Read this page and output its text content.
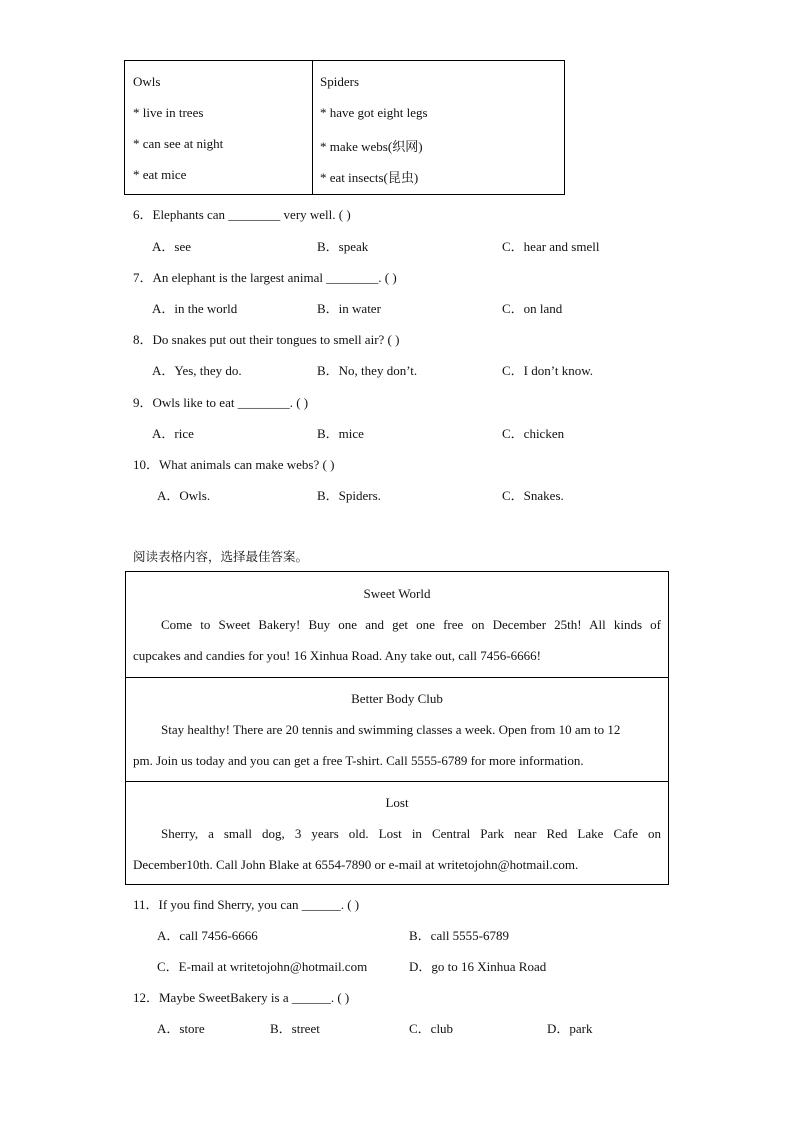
Owls
* live in trees
* can see at night
* eat mice
Spiders
* have got eight legs
* make webs(织网)
* eat insects(昆虫)
6．Elephants can ________ very well. ( )
A．see	B．speak	C．hear and smell
7．An elephant is the largest animal ________. ( )
A．in the world	B．in water	C．on land
8．Do snakes put out their tongues to smell air? ( )
A．Yes, they do.	B．No, they don’t.	C．I don’t know.
9．Owls like to eat ________. ( )
A．rice	B．mice	C．chicken
10．What animals can make webs? ( )
A．Owls.	B．Spiders.	C．Snakes.
阅读表格内容，选择最佳答案。
Sweet World
Come to Sweet Bakery! Buy one and get one free on December 25th! All kinds of
cupcakes and candies for you! 16 Xinhua Road. Any take out, call 7456-6666!
Better Body Club
Stay healthy! There are 20 tennis and swimming classes a week. Open from 10 am to 12
pm. Join us today and you can get a free T-shirt. Call 5555-6789 for more information.
Lost
Sherry, a small dog, 3 years old. Lost in Central Park near Red Lake Cafe on
December10th. Call John Blake at 6554-7890 or e-mail at writetojohn@hotmail.com.
11．If you find Sherry, you can ______. ( )
A．call 7456-6666	B．call 5555-6789
C．E-mail at writetojohn@hotmail.com	D．go to 16 Xinhua Road
12．Maybe SweetBakery is a ______. ( )
A．store	B．street	C．club	D．park
